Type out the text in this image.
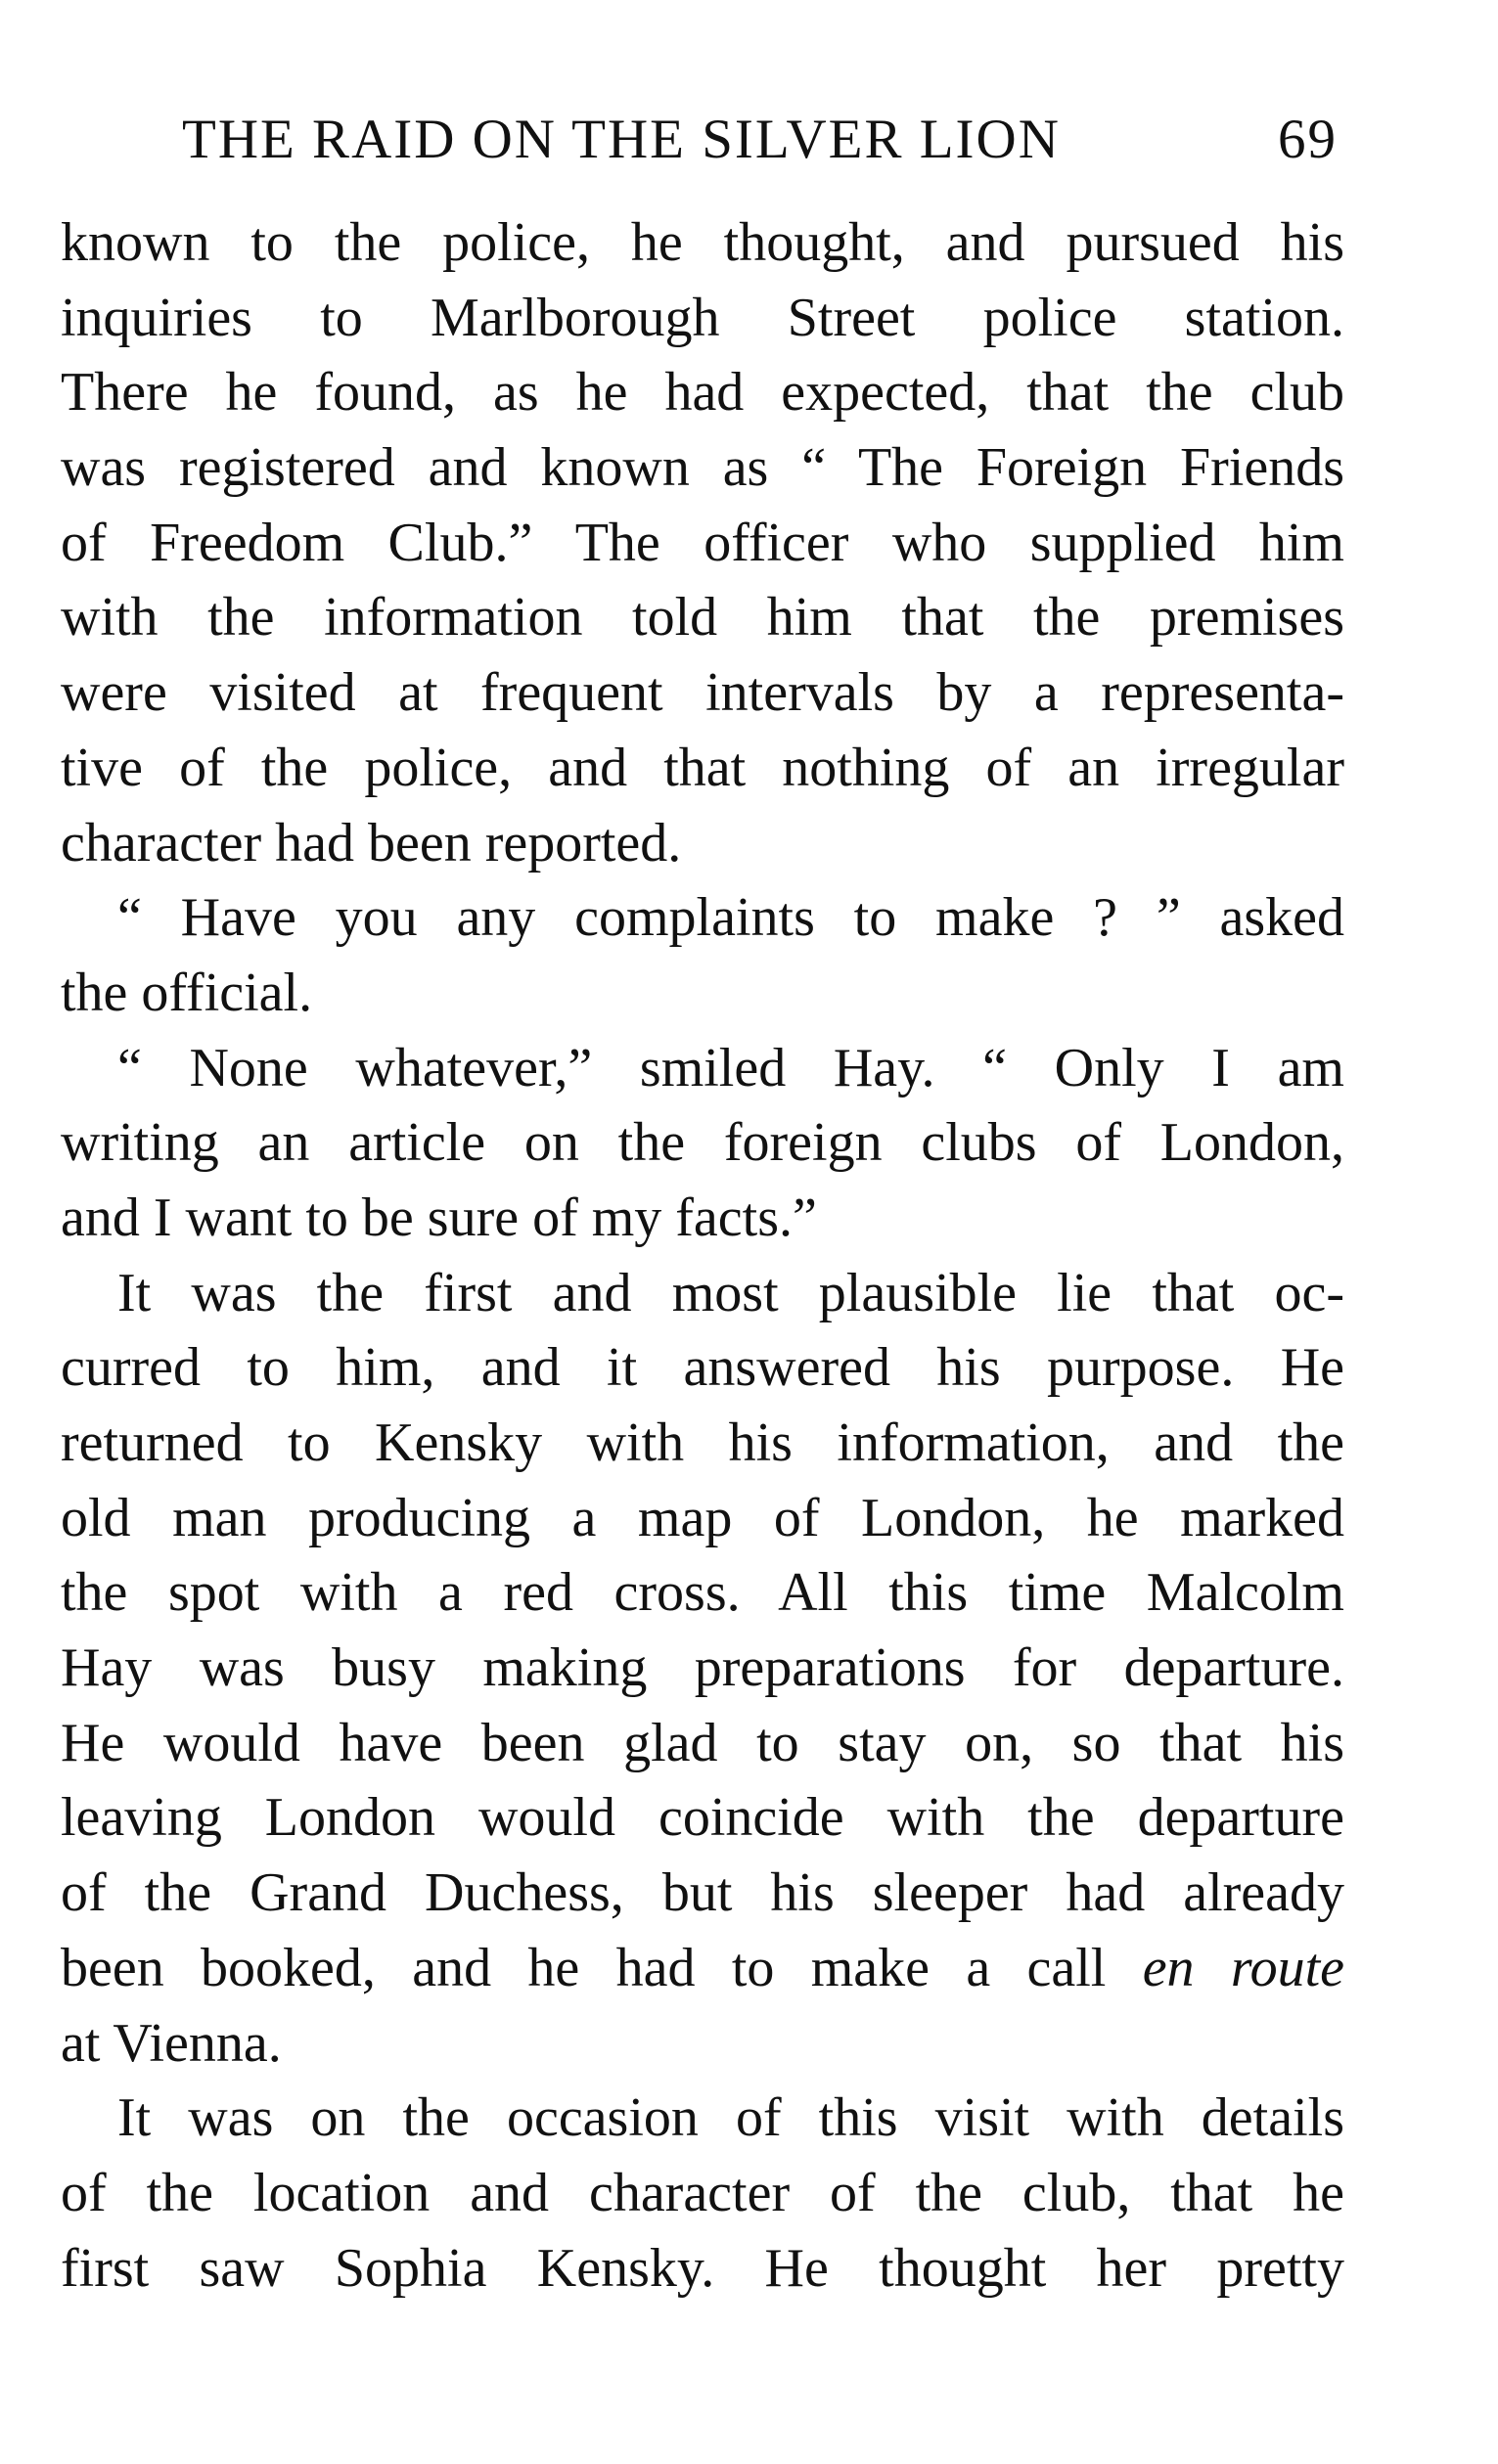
THE RAID ON THE SILVER LION	69
known to the police, he thought, and pursued his
inquiries to Marlborough Street police station.
There he found, as he had expected, that the club
was registered and known as “ The Foreign Friends
of Freedom Club.” The officer who supplied him
with the information told him that the premises
were visited at frequent intervals by a representa-
tive of the police, and that nothing of an irregular
character had been reported.
“ Have you any complaints to make ? ” asked
the official.
“ None whatever,” smiled Hay. “ Only I am
writing an article on the foreign clubs of London,
and I want to be sure of my facts.”
It was the first and most plausible lie that oc-
curred to him, and it answered his purpose. He
returned to Kensky with his information, and the
old man producing a map of London, he marked
the spot with a red cross. All this time Malcolm
Hay was busy making preparations for departure.
He would have been glad to stay on, so that his
leaving London would coincide with the departure
of the Grand Duchess, but his sleeper had already
been booked, and he had to make a call en route
at Vienna.
It was on the occasion of this visit with details
of the location and character of the club, that he
first saw Sophia Kensky. He thought her pretty
